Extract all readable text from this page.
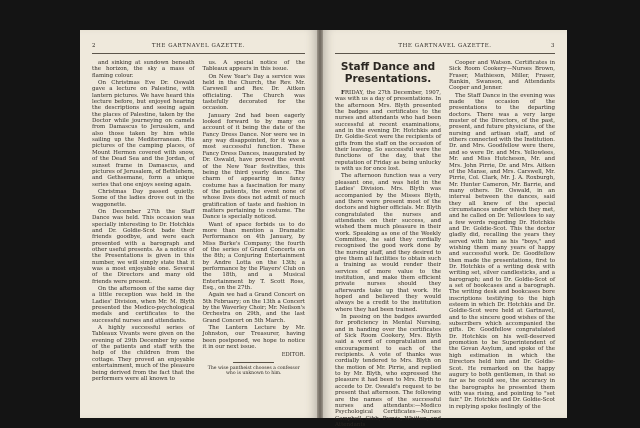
2	THE GARTNAVEL GAZETTE.

and sinking at sundown beneath the horizon, the sky a mass of flaming colour.

On Christmas Eve Dr. Oswald gave a lecture on Palestine, with lantern pictures. We have heard this lecture before, but enjoyed hearing the descriptions and seeing again the places of Palestine, taken by the Doctor while journeying on camels from Damascus to Jerusalem, and also those taken by him while sailing up the Mediterranean. His pictures of the camping places, of Mount Hermon covered with snow, of the Dead Sea and the Jordan, of sunset frame in Damascus, and pictures of Jerusalem, of Bethlehem, and Gethsemane, form a unique series that one enjoys seeing again.

Christmas Day passed quietly. Some of the ladies drove out in the waggonette.

On December 27th the Staff Dance was held. This occasion was specially interesting to Dr. Hotchkis and Dr. Goldie-Scot bade their friends goodbye, and were each presented with a barograph and other useful presents. As a notice of the Presentations is given in this number, we will simply state that it was a most enjoyable one. Several of the Directors and many old friends were present.

On the afternoon of the same day a little reception was held in the Ladies' Division, when Mr. M. Blyth presented the Medico-psychological medals and certificates to the successful nurses and attendants.

A highly successful series of Tableaux Vivants were given on the evening of 29th December by some of the patients and staff with the help of the children from the cottage. They proved an enjoyable entertainment, much of the pleasure being derived from the fact that the performers were all known to

us. A special notice of the Tableaux appears in this issue.

On New Year's Day a service was held in the Church, the Rev. Mr. Carswell and Rev. Dr. Aitken officiating. The Church was tastefully decorated for the occasion.

January 2nd had been eagerly looked forward to by many on account of it being the date of the Fancy Dress Dance. Nor were we in any way disappointed, for it was a most successful function. These Fancy Dress Dances, inaugurated by Dr. Oswald, have proved the event of the New Year festivities, this being the third yearly dance. The charm of appearing in fancy costume has a fascination for many of the patients, the event none of whose lives does not admit of much gratification of taste and fashion in matters pertaining to costume. The Dance is specially noticed.

Want of space forbids us to do more than mention a Dramatic Performance on 4th January, by Miss Burke's Company; the fourth of the series of Grand Concerts on the 8th; a Conjuring Entertainment by Andre Lotta on the 13th; a performance by the Players' Club on the 18th, and a Musical Entertainment by T. Scott Ross, Esq., on the 27th.

Again we had a Grand Concert on 5th February; on the 13th a Concert by the Waverley Choir; Mr. Neilson's Orchestra on 29th, and the last Grand Concert on 5th March.

The Lantern Lecture by Mr. Johnston, our Treasurer, having been postponed, we hope to notice it in our next issue.

EDITOR.

The wise pantheist chooses a confessor who is unknown to him.

THE GARTNAVEL GAZETTE.	3
Staff Dance and
Presentations.

FRIDAY, the 27th December, 1907, was with us a day of presentations. In the afternoon Mrs. Blyth presented the badges and certificates to the nurses and attendants who had been successful at recent examinations, and in the evening Dr. Hotchkis and Dr. Goldie-Scot were the recipients of gifts from the staff on the occasion of their leaving. So successful were the functions of the day, that the reputation of Friday as being unlucky is with us for once lost.

The afternoon function was a very pleasant one, and was held in the Ladies' Division. Mrs. Blyth was accompanied by the Misses Blyth, and there were present most of the doctors and higher officials. Mr. Blyth congratulated the nurses and attendants on their success, and wished them much pleasure in their work. Speaking as one of the Weekly Committee, he said they cordially recognised the good work done by the nursing staff, and they desired to give them all facilities to obtain such a training as would render their services of more value to the institution, and make them efficient private nurses should they afterwards take up that work. He hoped and believed they would always be a credit to the institution where they had been trained.

In passing on the badges awarded for proficiency in Mental Nursing, and in handing over the certificates of Sick Room Cookery, Mrs. Blyth said a word of congratulation and encouragement to each of the recipients. A vote of thanks was cordially tendered to Mrs. Blyth on the motion of Mr. Pirrie, and replied to by Mr. Blyth, who expressed the pleasure it had been to Mrs. Blyth to accede to Dr. Oswald's request to be present that afternoon. The following are the names of the successful nurses and attendants:—Medico Psychological Certificates—Nurses Campbell, Gibb, Purvis, Whitton, and Attendants

Cooper and Watson. Certificates in Sick Room Cookery—Nurses Brown, Fraser, Mathieson, Miller, Fraser, Rankin, Swanson, and Attendants Cooper and Jenner.

The Staff Dance in the evening was made the occasion of the presentations to the departing doctors. There was a very large muster of the Directors, of the past, present, and future physicians, of the nursing and artisan staff, and of others connected with the Institution. Dr. and Mrs. Goodfellow were there, and so were Dr. and Mrs. Yellowlees, Mr. and Miss Hutcheson, Mr. and Mrs. John Pirrie, Dr. and Mrs. Aitken of the Manse, and Mrs. Carswell, Mr. Pirrie, Col. Clark, Mr. J. A. Roxburgh, Mr. Hunter Cameron, Mr. Barrie, and many others. Dr. Oswald, in an interval between the dances, said they all knew of the special circumstances under which they met, and he called on Dr. Yellowlees to say a few words regarding Dr. Hotchkis and Dr. Goldie-Scot. This the doctor gladly did, recalling the years they served with him as his "boys," and wishing them many years of happy and successful work. Dr. Goodfellow then made the presentations, first to Dr. Hotchkis of a writing desk with writing set, silver candlesticks, and a barograph; and to Dr. Goldie-Scot of a set of bookcases and a barograph. The writing desk and bookcases bore inscriptions testifying to the high esteem in which Dr. Hotchkis and Dr. Goldie-Scot were held at Gartnavel, and to the sincere good wishes of the subscribers which accompanied the gifts. Dr. Goodfellow congratulated Dr. Hotchkis on his well-deserved promotion to be Superintendent of the Govan Asylum, and spoke of the high estimation in which the Directors held him and Dr. Goldie-Scot. He remarked on the happy augury to both gentlemen, in that so far as he could see, the accuracy in the barographs he presented them with was rising, and pointing to "set fair." Dr. Hotchkis and Dr. Goldie-Scot in replying spoke feelingly of the
